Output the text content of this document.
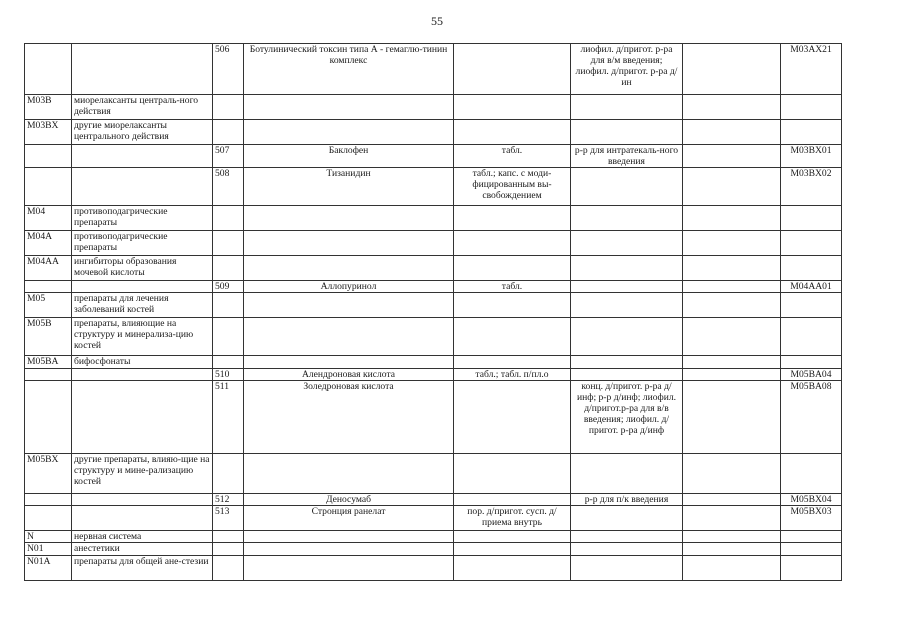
55
		506	Ботулинический токсин типа А - гемаглю-тинин комплекс		лиофил. д/пригот. р-ра для в/м введения; лиофил. д/пригот. р-ра д/ин		M03AX21
M03B	миорелаксанты централь-ного действия						
M03BX	другие миорелаксанты центрального действия						
		507	Баклофен	табл.	р-р для интратекаль-ного введения		M03BX01
		508	Тизанидин	табл.; капс. с моди-фицированным вы-свобождением			M03BX02
M04	противоподагрические препараты						
M04A	противоподагрические препараты						
M04AA	ингибиторы образования мочевой кислоты						
		509	Аллопуринол	табл.			M04AA01
M05	препараты для лечения заболеваний костей						
M05B	препараты, влияющие на структуру и минерализа-цию костей						
M05BA	бифосфонаты						
		510	Алендроновая кислота	табл.; табл. п/пл.о			M05BA04
		511	Золедроновая кислота		конц. д/пригот. р-ра д/инф; р-р д/инф; лиофил. д/пригот.р-ра для в/в введения; лиофил. д/пригот. р-ра д/инф		M05BA08
M05BX	другие препараты, влияю-щие на структуру и мине-рализацию костей						
		512	Деносумаб		р-р для п/к введения		M05BX04
		513	Стронция ранелат	пор. д/пригот. сусп. д/приема внутрь			M05BX03
N	нервная система						
N01	анестетики						
N01A	препараты для общей ане-стезии						
